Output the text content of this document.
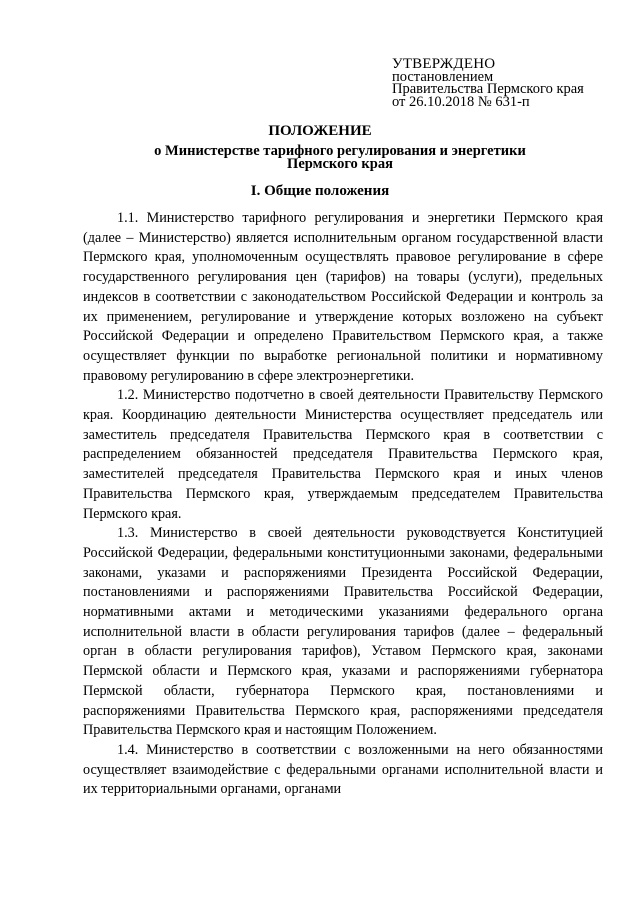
УТВЕРЖДЕНО
постановлением
Правительства Пермского края
от 26.10.2018 № 631-п
ПОЛОЖЕНИЕ
о Министерстве тарифного регулирования и энергетики Пермского края
I. Общие положения

1.1. Министерство тарифного регулирования и энергетики Пермского края (далее – Министерство) является исполнительным органом государственной власти Пермского края, уполномоченным осуществлять правовое регулирование в сфере государственного регулирования цен (тарифов) на товары (услуги), предельных индексов в соответствии с законодательством Российской Федерации и контроль за их применением, регулирование и утверждение которых возложено на субъект Российской Федерации и определено Правительством Пермского края, а также осуществляет функции по выработке региональной политики и нормативному правовому регулированию в сфере электроэнергетики.

1.2. Министерство подотчетно в своей деятельности Правительству Пермского края. Координацию деятельности Министерства осуществляет председатель или заместитель председателя Правительства Пермского края в соответствии с распределением обязанностей председателя Правительства Пермского края, заместителей председателя Правительства Пермского края и иных членов Правительства Пермского края, утверждаемым председателем Правительства Пермского края.

1.3. Министерство в своей деятельности руководствуется Конституцией Российской Федерации, федеральными конституционными законами, федеральными законами, указами и распоряжениями Президента Российской Федерации, постановлениями и распоряжениями Правительства Российской Федерации, нормативными актами и методическими указаниями федерального органа исполнительной власти в области регулирования тарифов (далее – федеральный орган в области регулирования тарифов), Уставом Пермского края, законами Пермской области и Пермского края, указами и распоряжениями губернатора Пермской области, губернатора Пермского края, постановлениями и распоряжениями Правительства Пермского края, распоряжениями председателя Правительства Пермского края и настоящим Положением.

1.4. Министерство в соответствии с возложенными на него обязанностями осуществляет взаимодействие с федеральными органами исполнительной власти и их территориальными органами, органами
